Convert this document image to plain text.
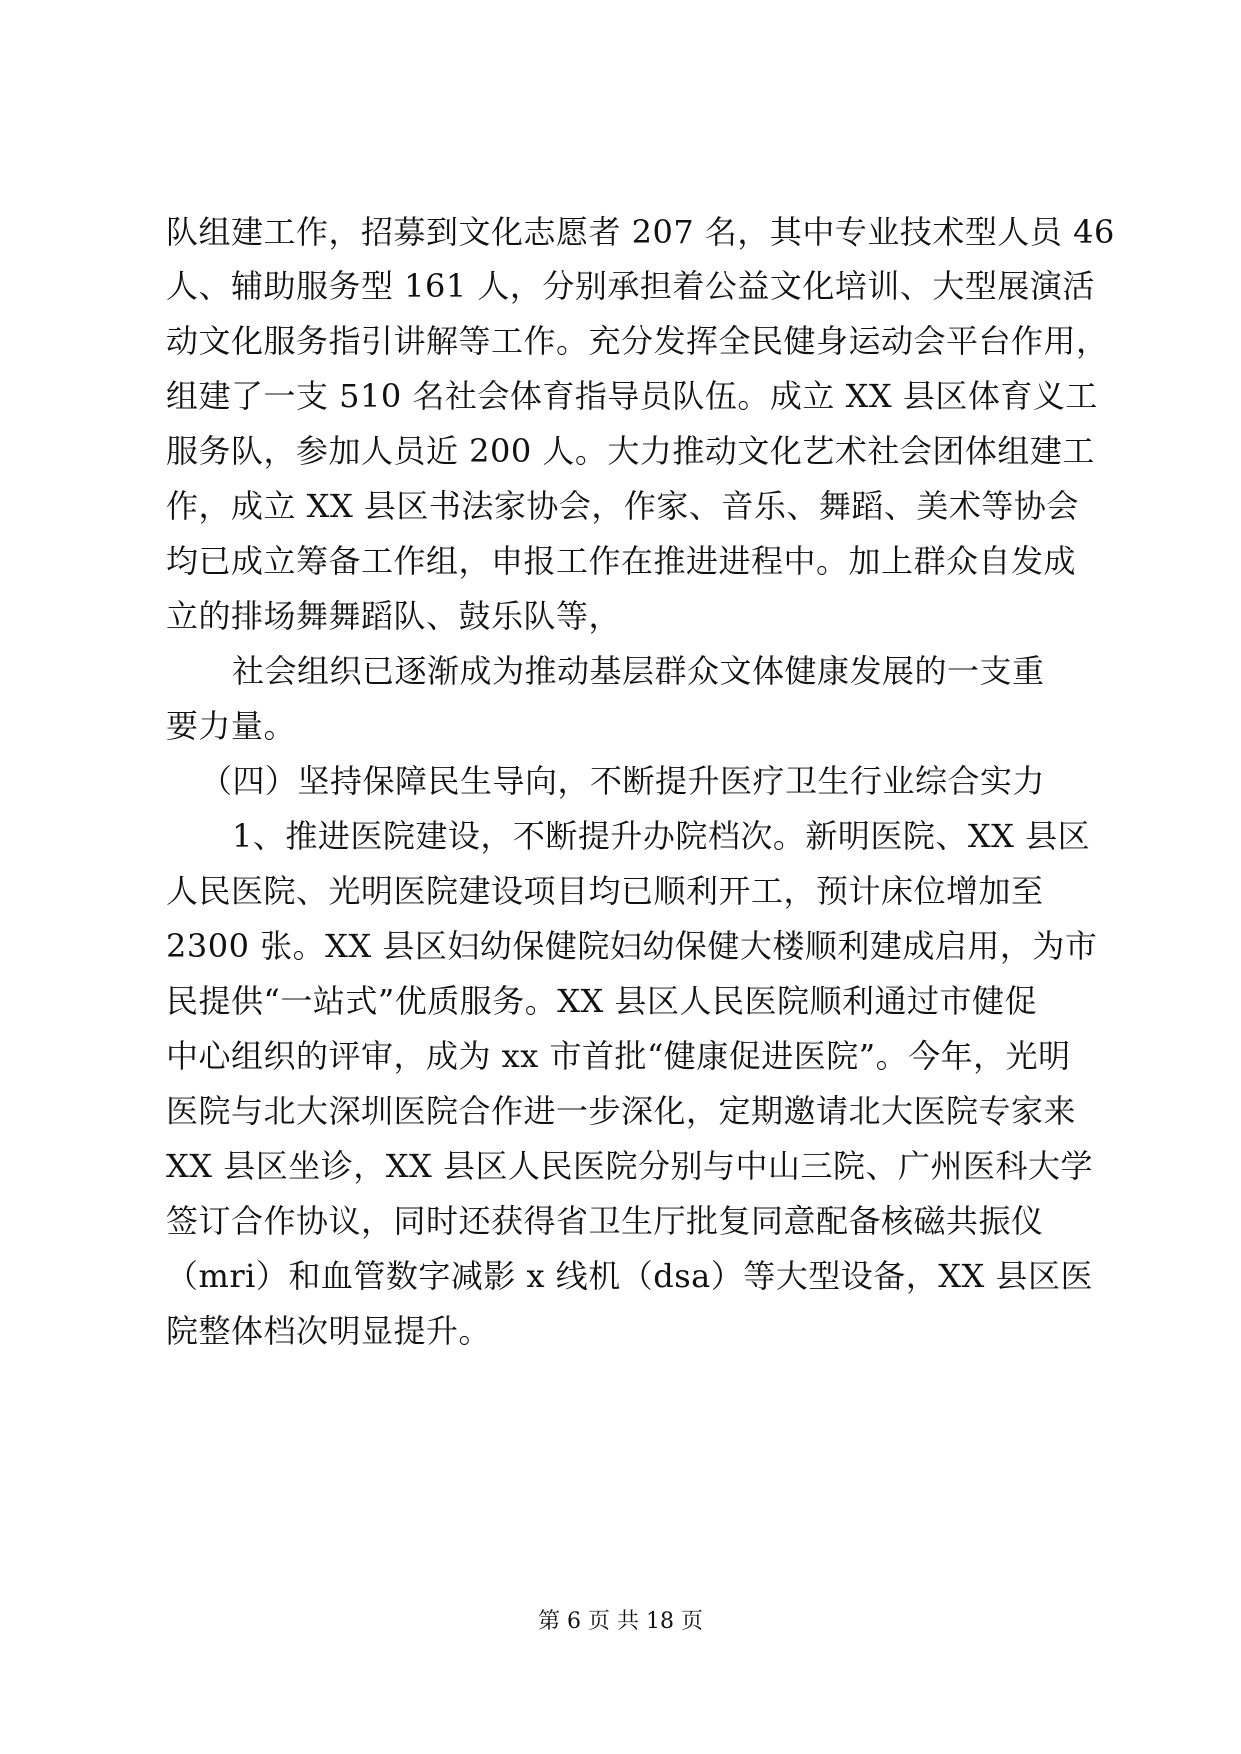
队组建工作，招募到文化志愿者 207 名，其中专业技术型人员 46
人、辅助服务型 161 人，分别承担着公益文化培训、大型展演活
动文化服务指引讲解等工作。充分发挥全民健身运动会平台作用，
组建了一支 510 名社会体育指导员队伍。成立 XX 县区体育义工
服务队，参加人员近 200 人。大力推动文化艺术社会团体组建工
作，成立 XX 县区书法家协会，作家、音乐、舞蹈、美术等协会
均已成立筹备工作组，申报工作在推进进程中。加上群众自发成
立的排场舞舞蹈队、鼓乐队等，
社会组织已逐渐成为推动基层群众文体健康发展的一支重
要力量。
（四）坚持保障民生导向，不断提升医疗卫生行业综合实力
1、推进医院建设，不断提升办院档次。新明医院、XX 县区
人民医院、光明医院建设项目均已顺利开工，预计床位增加至
2300 张。XX 县区妇幼保健院妇幼保健大楼顺利建成启用，为市
民提供“一站式”优质服务。XX 县区人民医院顺利通过市健促
中心组织的评审，成为 xx 市首批“健康促进医院”。今年，光明
医院与北大深圳医院合作进一步深化，定期邀请北大医院专家来
XX 县区坐诊，XX 县区人民医院分别与中山三院、广州医科大学
签订合作协议，同时还获得省卫生厅批复同意配备核磁共振仪
（mri）和血管数字减影 x 线机（dsa）等大型设备，XX 县区医
院整体档次明显提升。
第 6 页 共 18 页
